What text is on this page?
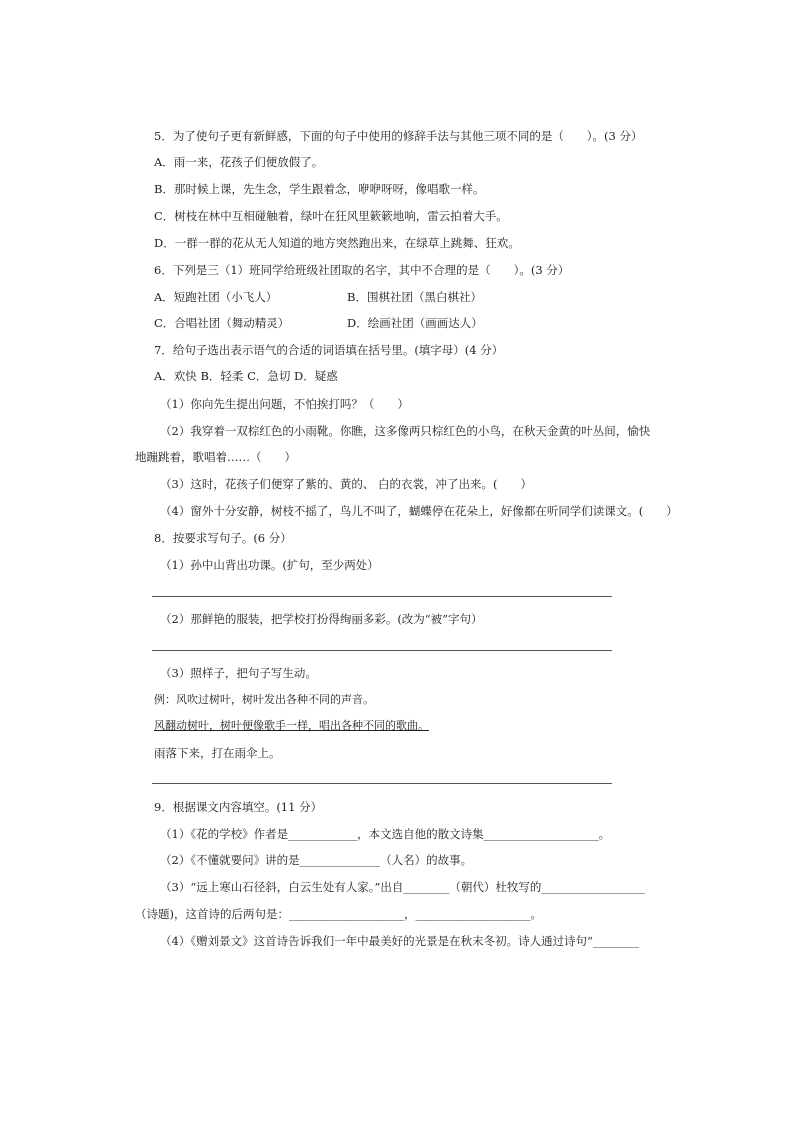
5．为了使句子更有新鲜感，下面的句子中使用的修辞手法与其他三项不同的是（　　）。(3 分）
A．雨一来，花孩子们便放假了。
B．那时候上课，先生念，学生跟着念，咿咿呀呀，像唱歌一样。
C．树枝在林中互相碰触着，绿叶在狂风里簌簌地响，雷云拍着大手。
D．一群一群的花从无人知道的地方突然跑出来，在绿草上跳舞、狂欢。
6．下列是三（1）班同学给班级社团取的名字，其中不合理的是（　　）。(3 分）
A．短跑社团（小飞人）	B．围棋社团（黑白棋社）
C．合唱社团（舞动精灵）	D．绘画社团（画画达人）
7．给句子选出表示语气的合适的词语填在括号里。(填字母）(4 分）
A．欢快 B．轻柔 C．急切 D．疑惑
（1）你向先生提出问题，不怕挨打吗？（　　）
（2）我穿着一双棕红色的小雨靴。你瞧，这多像两只棕红色的小鸟，在秋天金黄的叶丛间，愉快
地蹦跳着，歌唱着……（　　）
（3）这时，花孩子们便穿了紫的、黄的、 白的衣裳，冲了出来。(　　）
（4）窗外十分安静，树枝不摇了，鸟儿不叫了，蝴蝶停在花朵上，好像都在听同学们读课文。(　　）
8．按要求写句子。(6 分）
（1）孙中山背出功课。(扩句，至少两处）
（2）那鲜艳的服装，把学校打扮得绚丽多彩。(改为“被”字句）
（3）照样子，把句子写生动。
例：风吹过树叶，树叶发出各种不同的声音。
风翻动树叶，树叶便像歌手一样，唱出各种不同的歌曲。
雨落下来，打在雨伞上。
9．根据课文内容填空。(11 分）
（1）《花的学校》作者是____________，本文选自他的散文诗集____________________。
（2）《不懂就要问》讲的是______________（人名）的故事。
（3）“远上寒山石径斜，白云生处有人家。”出自________（朝代）杜牧写的__________________
（诗题)，这首诗的后两句是：____________________，____________________。
（4）《赠刘景文》这首诗告诉我们一年中最美好的光景是在秋末冬初。诗人通过诗句“________
